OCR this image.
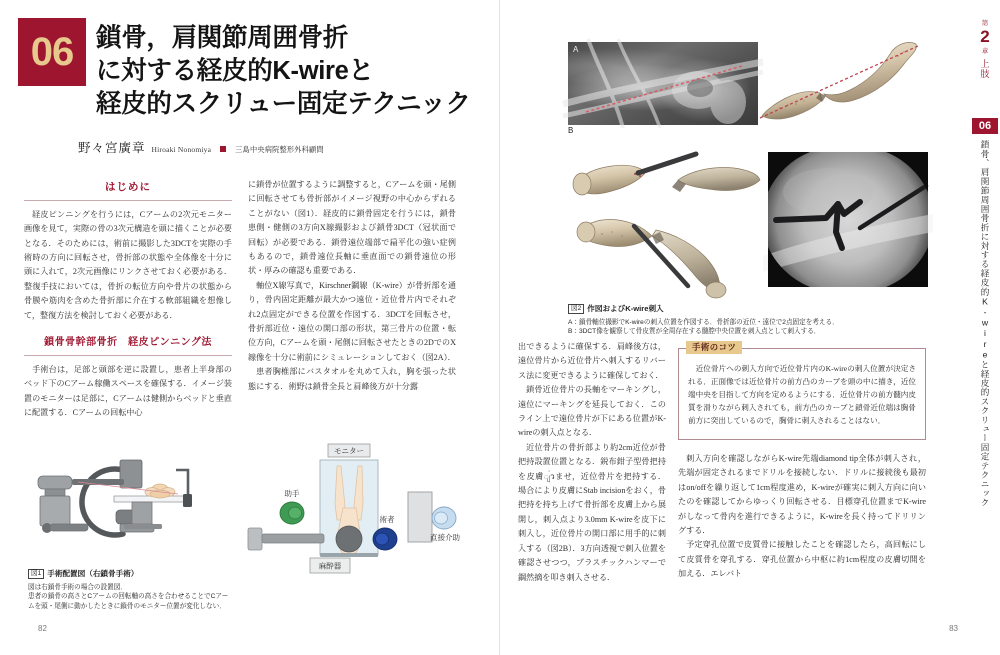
06 鎖骨，肩関節周囲骨折
に対する経皮的K-wireと
経皮的スクリュー固定テクニック
野々宮廣章 Hiroaki Nonomiya	三島中央病院整形外科顧問
はじめに

経皮ピンニングを行うには，Cアームの2次元モニター画像を見て，実際の骨の3次元構造を頭に描くことが必要となる．そのためには，術前に撮影した3DCTを実際の手術時の方向に回転させ，骨折部の状態や全体像を十分に頭に入れて，2次元画像にリンクさせておく必要がある．整復手技においては，骨折の転位方向や骨片の状態から骨膜や筋肉を含めた骨折部に介在する軟部組織を想像して，整復方法を検討しておく必要がある．

鎖骨骨幹部骨折　経皮ピンニング法

手術台は，足部と頭部を逆に設置し，患者上半身部のベッド下のCアーム稼働スペースを確保する．イメージ装置のモニターは足部に，Cアームは健側からベッドと垂直に配置する．Cアームの回転中心

に鎖骨が位置するように調整すると，Cアームを頭・尾側に回転させても骨折部がイメージ視野の中心からずれることがない（図1）．経皮的に鎖骨固定を行うには，鎖骨患側・健側の3方向X線撮影および鎖骨3DCT（冠状面で回転）が必要である．鎖骨遠位端部で扁平化の強い症例もあるので，鎖骨遠位長軸に垂直面での鎖骨遠位の形状・厚みの確認も重要である．

軸位X線写真で，Kirschner鋼線（K-wire）が骨折部を通り，骨内固定距離が最大かつ遠位・近位骨片内でそれぞれ2点固定ができる位置を作図する．3DCTを回転させ，骨折部近位・遠位の開口部の形状，第三骨片の位置・転位方向，Cアームを頭・尾側に回転させたときの2DでのX線像を十分に術前にシミュレーションしておく（図2A）．

患者胸椎部にバスタオルを丸めて入れ，胸を張った状態にする．術野は鎖骨全長と肩峰後方が十分露

図1 手術配置図（右鎖骨手術）
図は右鎖骨手術の場合の設置図．
患者の鎖骨の高さとCアームの回転軸の高さを合わせることでCアー
ムを頭・尾側に動かしたときに鎖骨のモニター位置が変化しない．
モニター
助手
術者
直接介助
麻酔器
82
A
B
図2 作図およびK-wire刺入
A：鎖骨軸位撮影でK-wireの刺入位置を作図する．骨折部の近位・遠位で2点固定を考える．
B：3DCT像を観察して骨皮質が全周存在する髄腔中央位置を刺入点として刺入する．

出できるように確保する．肩峰後方は，遠位骨片から近位骨片へ刺入するリバース法に変更できるように確保しておく．

鎖骨近位骨片の長軸をマーキングし，遠位にマーキングを延長しておく．このライン上で遠位骨片が下にある位置がK-wireの刺入点となる．

近位骨片の骨折部より約2cm近位が骨把持設置位置となる．鋭布鉗子型骨把持を皮膚ျ่วませ，近位骨片を把持する．場合により皮膚にStab incisionをおく，骨把持を持ち上げて骨折部を皮膚上から展開し，刺入点より3.0mm K-wireを皮下に刺入し，近位骨片の開口部に用手的に刺入する（図2B）．3方向透視で刺入位置を確認させつつ，プラスチックハンマーで鋼然摘を叩き刺入させる．

手術のコツ
近位骨片への刺入方向で近位骨片内のK-wireの刺入位置が決定される．正面像では近位骨片の前方凸のカーブを頭の中に描き，近位端中央を目指して方向を定めるようにする．近位骨片の前方髄内皮質を滑りながら刺入されても，前方凸のカーブと鎖骨近位端は胸骨前方に突出しているので，胸骨に刺入されることはない．

刺入方向を確認しながらK-wire先端diamond tip全体が刺入され，先端が固定されるまでドリルを接続しない．ドリルに接続後も最初はon/offを繰り返して1cm程度進め，K-wireが確実に刺入方向に向いたのを確認してからゆっくり回転させる．目標穿孔位置までK-wireがしなって骨内を進行できるように，K-wireを長く持ってドリリングする．

予定穿孔位置で皮質骨に接触したことを確認したら，高回転にして皮質骨を穿孔する．穿孔位置から中枢に約1cm程度の皮膚切開を加える．エレバト

第
2
章
上肢
06
鎖骨、肩関節周囲骨折に対する経皮的K-wireと経皮的スクリュー固定テクニック
83
